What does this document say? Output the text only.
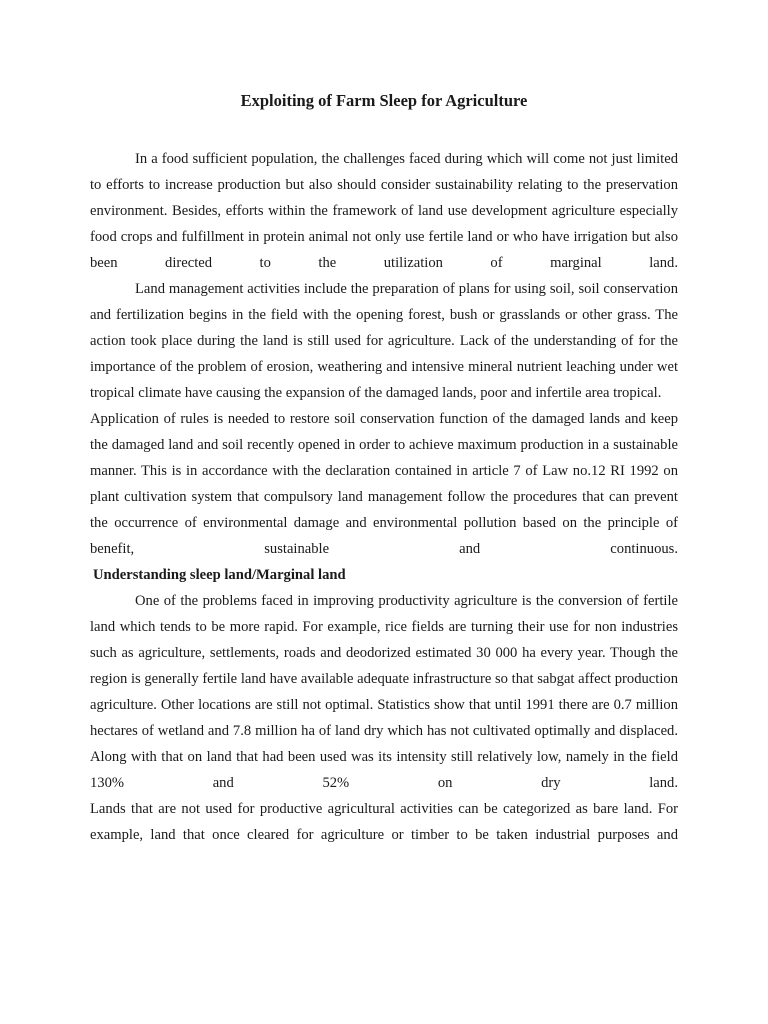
Exploiting of Farm Sleep for Agriculture

In a food sufficient population, the challenges faced during which will come not just limited to efforts to increase production but also should consider sustainability relating to the preservation environment. Besides, efforts within the framework of land use development agriculture especially food crops and fulfillment in protein animal not only use fertile land or who have irrigation but also been directed to the utilization of marginal land.

Land management activities include the preparation of plans for using soil, soil conservation and fertilization begins in the field with the opening forest, bush or grasslands or other grass. The action took place during the land is still used for agriculture. Lack of the understanding of for the importance of the problem of erosion, weathering and intensive mineral nutrient leaching under wet tropical climate have causing the expansion of the damaged lands, poor and infertile area tropical.

Application of rules is needed to restore soil conservation function of the damaged lands and keep the damaged land and soil recently opened in order to achieve maximum production in a sustainable manner. This is in accordance with the declaration contained in article 7 of Law no.12 RI 1992 on plant cultivation system that compulsory land management follow the procedures that can prevent the occurrence of environmental damage and environmental pollution based on the principle of benefit, sustainable and continuous.

Understanding sleep land/Marginal land

One of the problems faced in improving productivity agriculture is the conversion of fertile land which tends to be more rapid. For example, rice fields are turning their use for non industries such as agriculture, settlements, roads and deodorized estimated 30 000 ha every year. Though the region is generally fertile land have available adequate infrastructure so that sabgat affect production agriculture. Other locations are still not optimal. Statistics show that until 1991 there are 0.7 million hectares of wetland and 7.8 million ha of land dry which has not cultivated optimally and displaced. Along with that on land that had been used was its intensity still relatively low, namely in the field 130% and 52% on dry land.

Lands that are not used for productive agricultural activities can be categorized as bare land. For example, land that once cleared for agriculture or timber to be taken industrial purposes and
